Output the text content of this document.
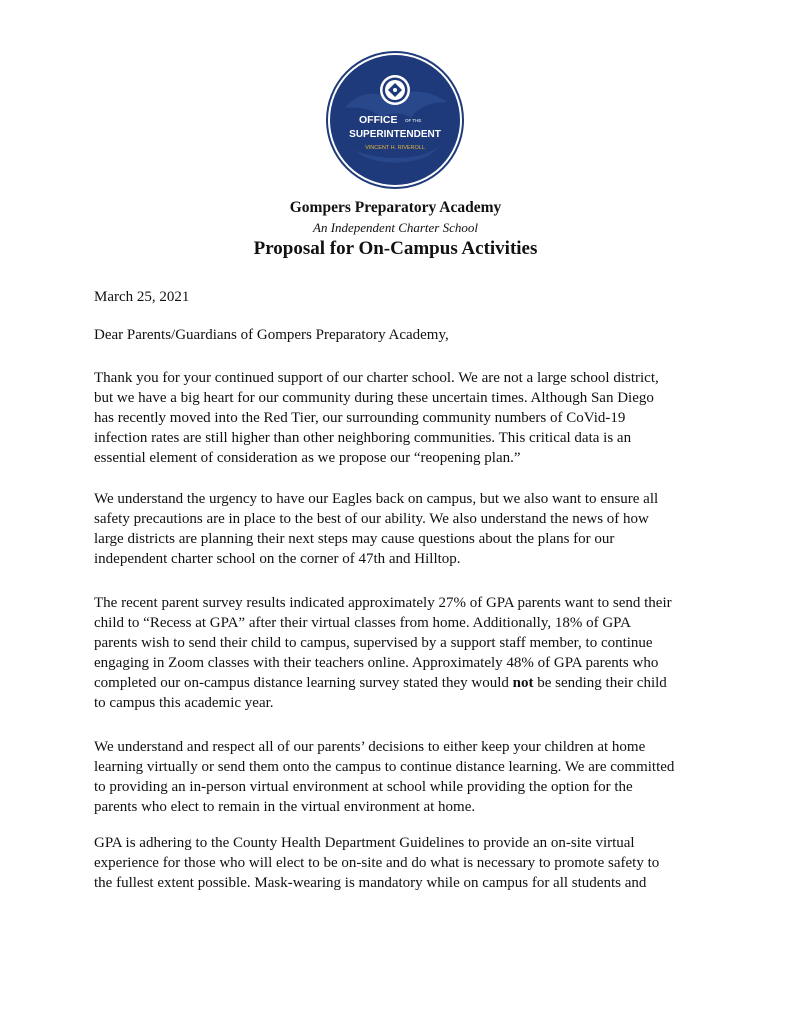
OFFICE OF THE
SUPERINTENDENT
VINCENT H. RIVEROLL
Gompers Preparatory Academy
An Independent Charter School
Proposal for On-Campus Activities

March 25, 2021

Dear Parents/Guardians of Gompers Preparatory Academy,

Thank you for your continued support of our charter school. We are not a large school district,
but we have a big heart for our community during these uncertain times. Although San Diego
has recently moved into the Red Tier, our surrounding community numbers of CoVid-19
infection rates are still higher than other neighboring communities. This critical data is an
essential element of consideration as we propose our “reopening plan.”

We understand the urgency to have our Eagles back on campus, but we also want to ensure all
safety precautions are in place to the best of our ability. We also understand the news of how
large districts are planning their next steps may cause questions about the plans for our
independent charter school on the corner of 47th and Hilltop.

The recent parent survey results indicated approximately 27% of GPA parents want to send their
child to “Recess at GPA” after their virtual classes from home. Additionally, 18% of GPA
parents wish to send their child to campus, supervised by a support staff member, to continue
engaging in Zoom classes with their teachers online. Approximately 48% of GPA parents who
completed our on-campus distance learning survey stated they would not be sending their child
to campus this academic year.

We understand and respect all of our parents’ decisions to either keep your children at home
learning virtually or send them onto the campus to continue distance learning. We are committed
to providing an in-person virtual environment at school while providing the option for the
parents who elect to remain in the virtual environment at home.

GPA is adhering to the County Health Department Guidelines to provide an on-site virtual
experience for those who will elect to be on-site and do what is necessary to promote safety to
the fullest extent possible. Mask-wearing is mandatory while on campus for all students and
